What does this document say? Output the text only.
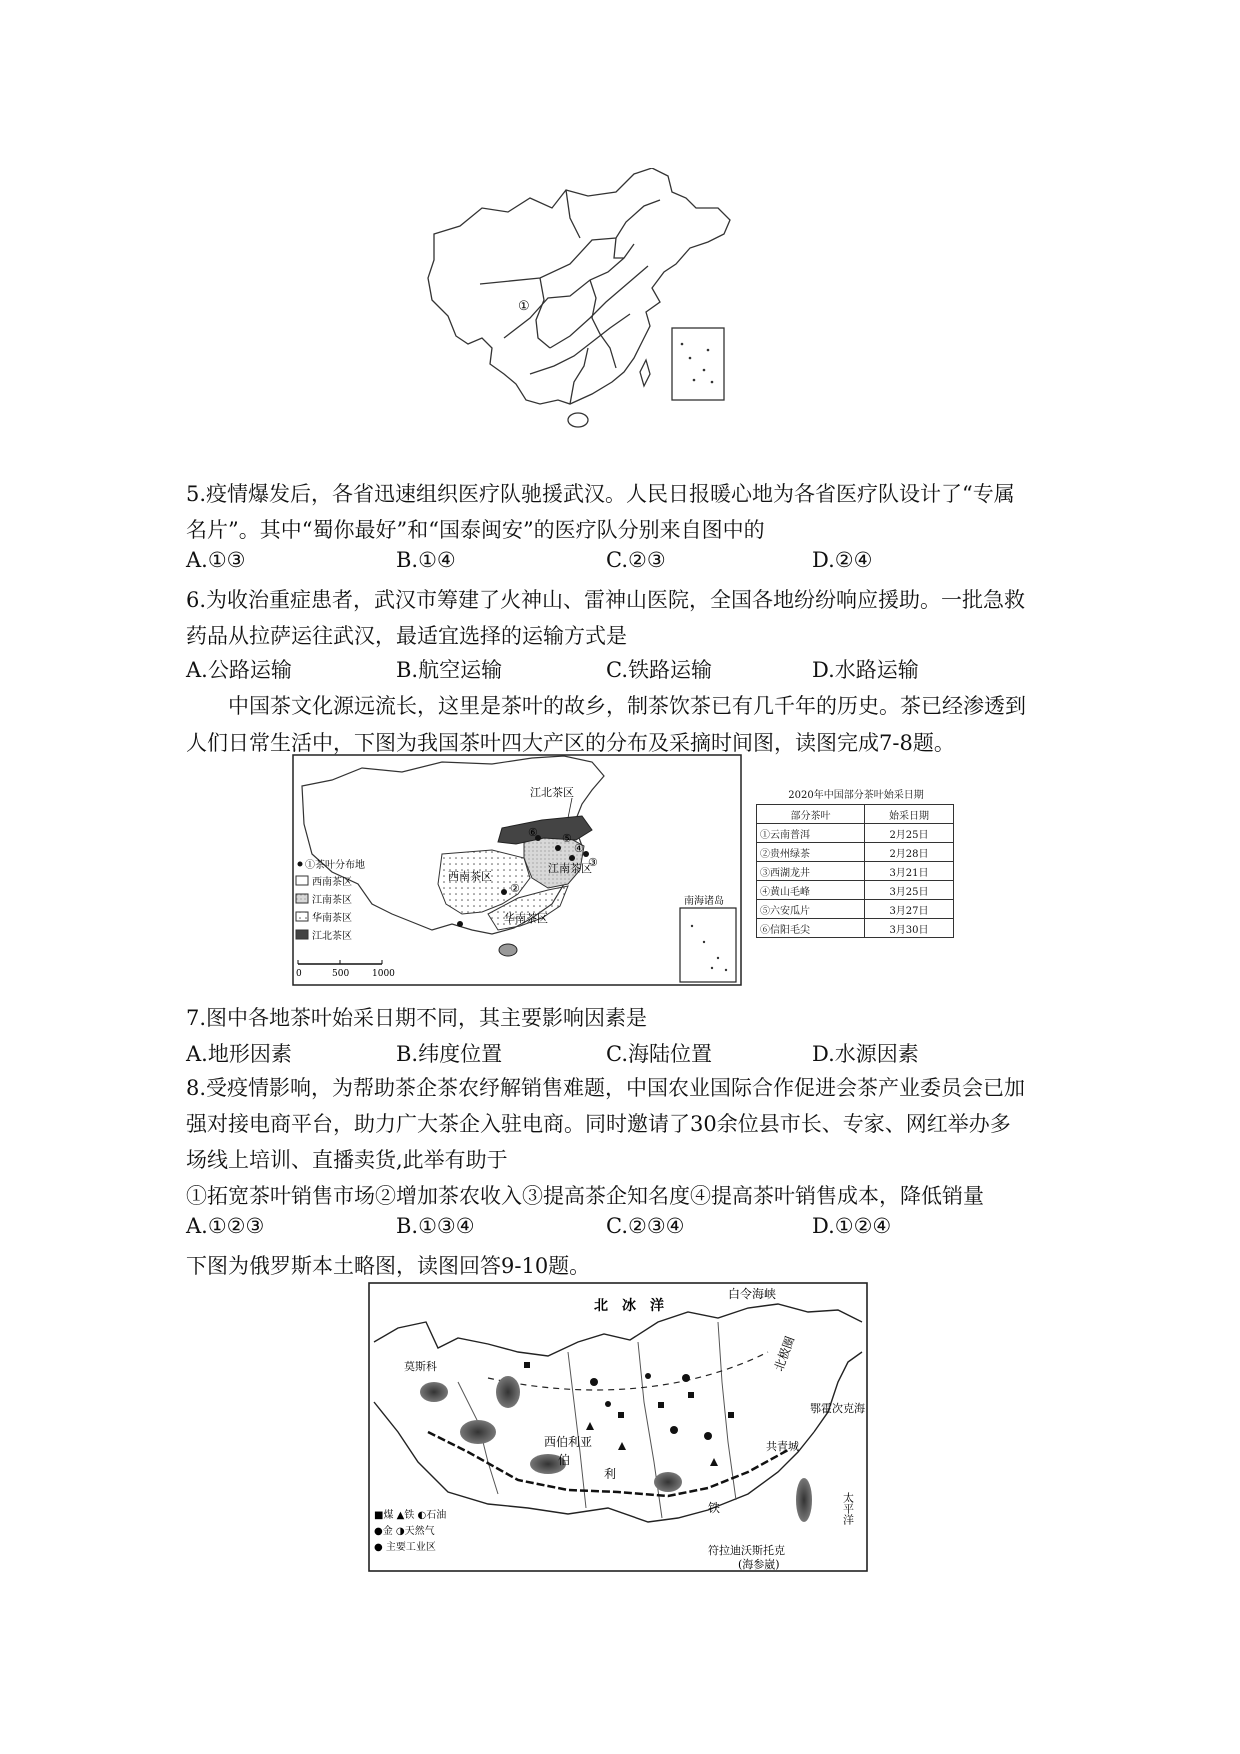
①
5.疫情爆发后，各省迅速组织医疗队驰援武汉。人民日报暖心地为各省医疗队设计了“专属
名片”。其中“蜀你最好”和“国泰闽安”的医疗队分别来自图中的
A.①③	B.①④	C.②③	D.②④
6.为收治重症患者，武汉市筹建了火神山、雷神山医院，全国各地纷纷响应援助。一批急救
药品从拉萨运往武汉，最适宜选择的运输方式是
A.公路运输	B.航空运输	C.铁路运输	D.水路运输
中国茶文化源远流长，这里是茶叶的故乡，制茶饮茶已有几千年的历史。茶已经渗透到
人们日常生活中，下图为我国茶叶四大产区的分布及采摘时间图，读图完成7-8题。
②
③
④
⑤
⑥
江北茶区
江南茶区
西南茶区
华南茶区
①茶叶分布地
西南茶区
江南茶区
华南茶区
江北茶区
0	500	1000
南海诸岛
2020年中国部分茶叶始采日期
部分茶叶	始采日期
①云南普洱	2月25日
②贵州绿茶	2月28日
③西湖龙井	3月21日
④黄山毛峰	3月25日
⑤六安瓜片	3月27日
⑥信阳毛尖	3月30日
7.图中各地茶叶始采日期不同，其主要影响因素是
A.地形因素	B.纬度位置	C.海陆位置	D.水源因素
8.受疫情影响，为帮助茶企茶农纾解销售难题，中国农业国际合作促进会茶产业委员会已加
强对接电商平台，助力广大茶企入驻电商。同时邀请了30余位县市长、专家、网红举办多
场线上培训、直播卖货,此举有助于
①拓宽茶叶销售市场②增加茶农收入③提高茶企知名度④提高茶叶销售成本，降低销量
A.①②③	B.①③④	C.②③④	D.①②④
下图为俄罗斯本土略图，读图回答9-10题。
北　冰　洋
白令海峡
北极圈
西伯利亚
鄂霍次克海
太平洋
符拉迪沃斯托克
(海参崴)
莫斯科
伯
利
铁
共青城
■煤 ▲铁 ◐石油
●金 ◑天然气
● 主要工业区
